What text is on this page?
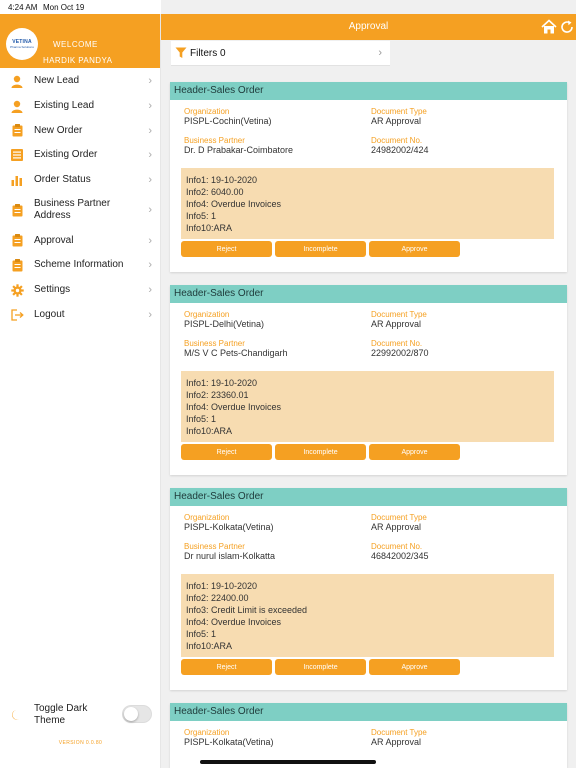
4:24 AM Mon Oct 19
VETINA
Pharma Solutions WELCOME
HARDIK PANDYA
New Lead	›
Existing Lead	›
New Order	›
Existing Order	›
Order Status	›
Business Partner Address	›
Approval	›
Scheme Information ›
Settings	›
Logout	›
Toggle Dark Theme
VERSION 0.0.80
Approval
Filters 0	›
Header-Sales Order
Organization
PISPL-Cochin(Vetina)
Document Type
AR Approval
Business Partner
Dr. D Prabakar-Coimbatore
Document No.
24982002/424
Info1: 19-10-2020
Info2: 6040.00
Info4: Overdue Invoices
Info5: 1
Info10:ARA
Reject	Incomplete	Approve
Header-Sales Order
Organization
PISPL-Delhi(Vetina)
Document Type
AR Approval
Business Partner
M/S V C Pets-Chandigarh
Document No.
22992002/870
Info1: 19-10-2020
Info2: 23360.01
Info4: Overdue Invoices
Info5: 1
Info10:ARA
Reject	Incomplete	Approve
Header-Sales Order
Organization
PISPL-Kolkata(Vetina)
Document Type
AR Approval
Business Partner
Dr nurul islam-Kolkatta
Document No.
46842002/345
Info1: 19-10-2020
Info2: 22400.00
Info3: Credit Limit is exceeded
Info4: Overdue Invoices
Info5: 1
Info10:ARA
Reject	Incomplete	Approve
Header-Sales Order
Organization
PISPL-Kolkata(Vetina)
Document Type
AR Approval
